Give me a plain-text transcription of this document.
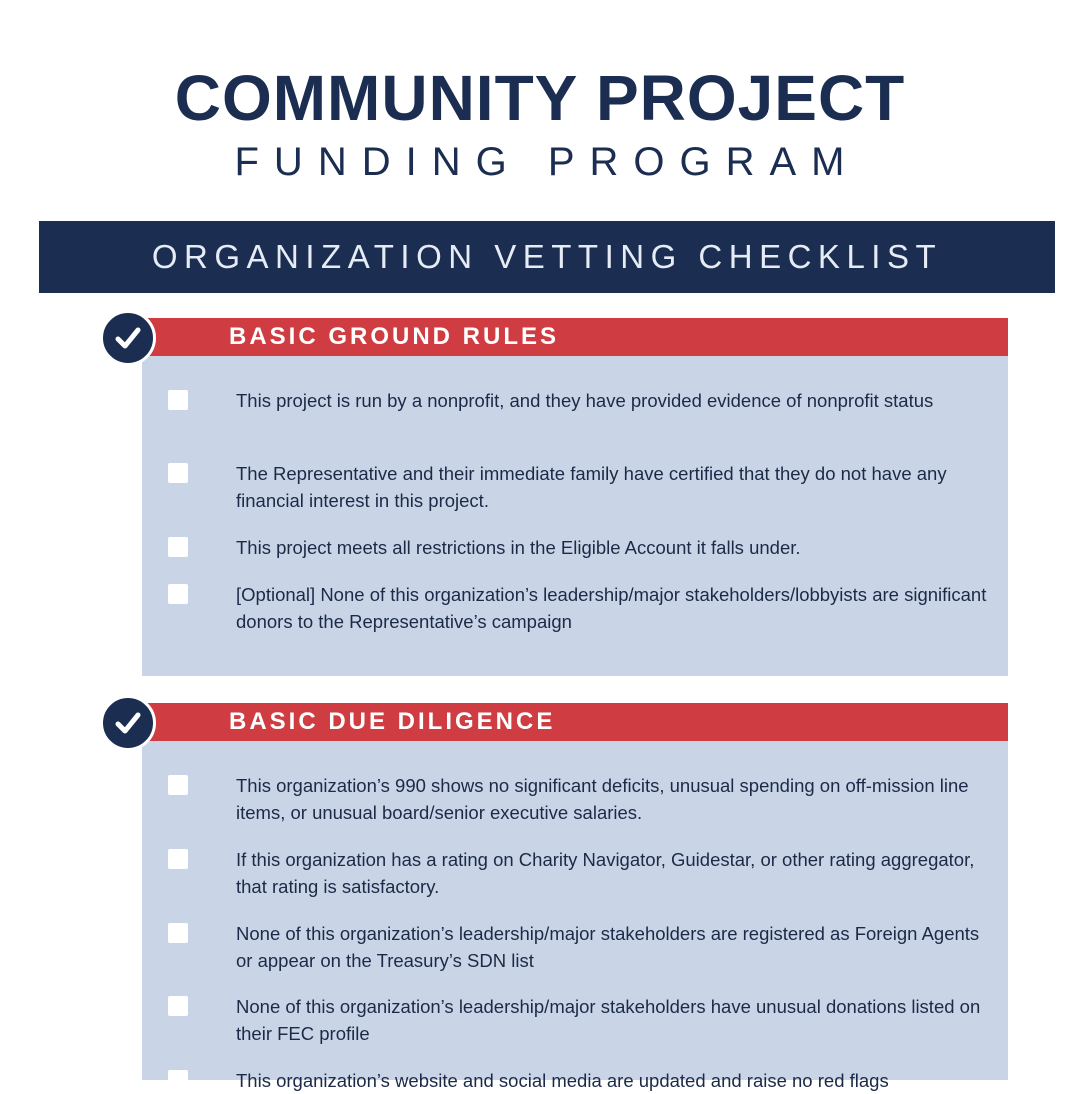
COMMUNITY PROJECT
FUNDING PROGRAM
ORGANIZATION VETTING CHECKLIST
BASIC GROUND RULES
This project is run by a nonprofit, and they have provided evidence of nonprofit status
The Representative and their immediate family have certified that they do not have any financial interest in this project.
This project meets all restrictions in the Eligible Account it falls under.
[Optional] None of this organization’s leadership/major stakeholders/lobbyists are significant donors to the Representative’s campaign
BASIC DUE DILIGENCE
This organization’s 990 shows no significant deficits, unusual spending on off-mission line items, or unusual board/senior executive salaries.
If this organization has a rating on Charity Navigator, Guidestar, or other rating aggregator, that rating is satisfactory.
None of this organization’s leadership/major stakeholders are registered as Foreign Agents or appear on the Treasury’s SDN list
None of this organization’s leadership/major stakeholders have unusual donations listed on their FEC profile
This organization’s website and social media are updated and raise no red flags
